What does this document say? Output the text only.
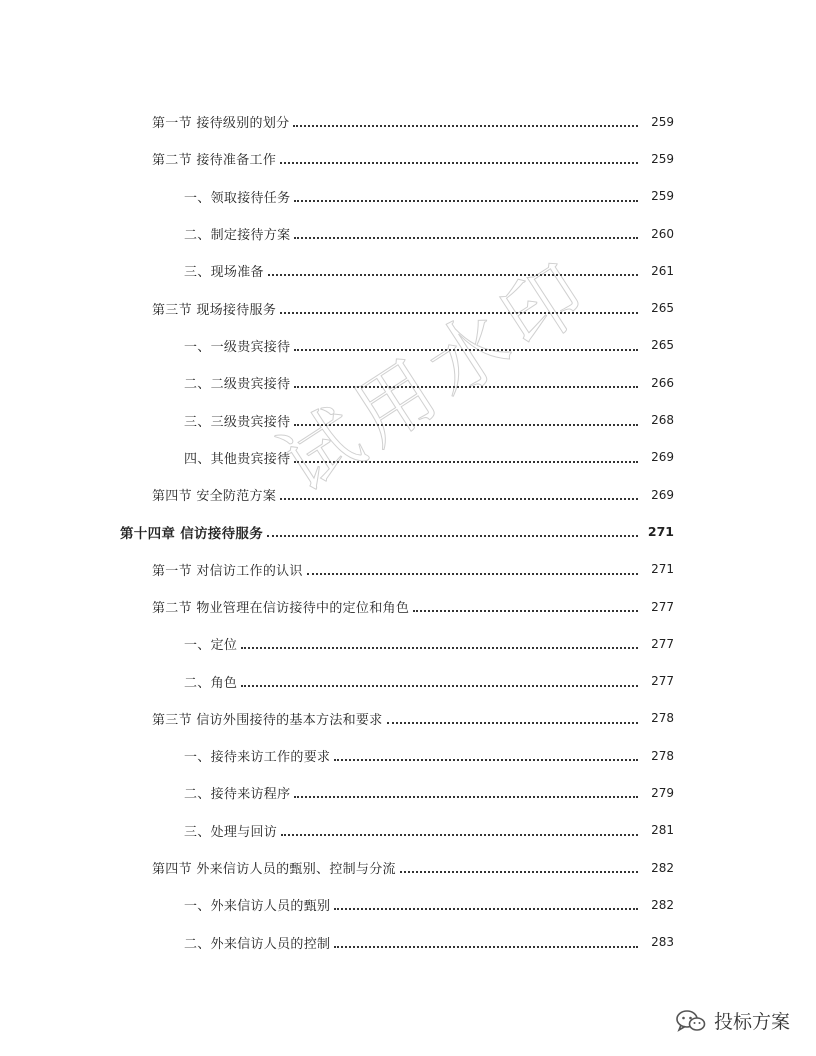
第一节 接待级别的划分	259
第二节 接待准备工作	259
一、领取接待任务	259
二、制定接待方案	260
三、现场准备	261
第三节 现场接待服务	265
一、一级贵宾接待	265
二、二级贵宾接待	266
三、三级贵宾接待	268
四、其他贵宾接待	269
第四节 安全防范方案	269
第十四章 信访接待服务	271
第一节 对信访工作的认识	271
第二节 物业管理在信访接待中的定位和角色	277
一、定位	277
二、角色	277
第三节 信访外围接待的基本方法和要求	278
一、接待来访工作的要求	278
二、接待来访程序	279
三、处理与回访	281
第四节 外来信访人员的甄别、控制与分流	282
一、外来信访人员的甄别	282
二、外来信访人员的控制	283
试用水印
投标方案
